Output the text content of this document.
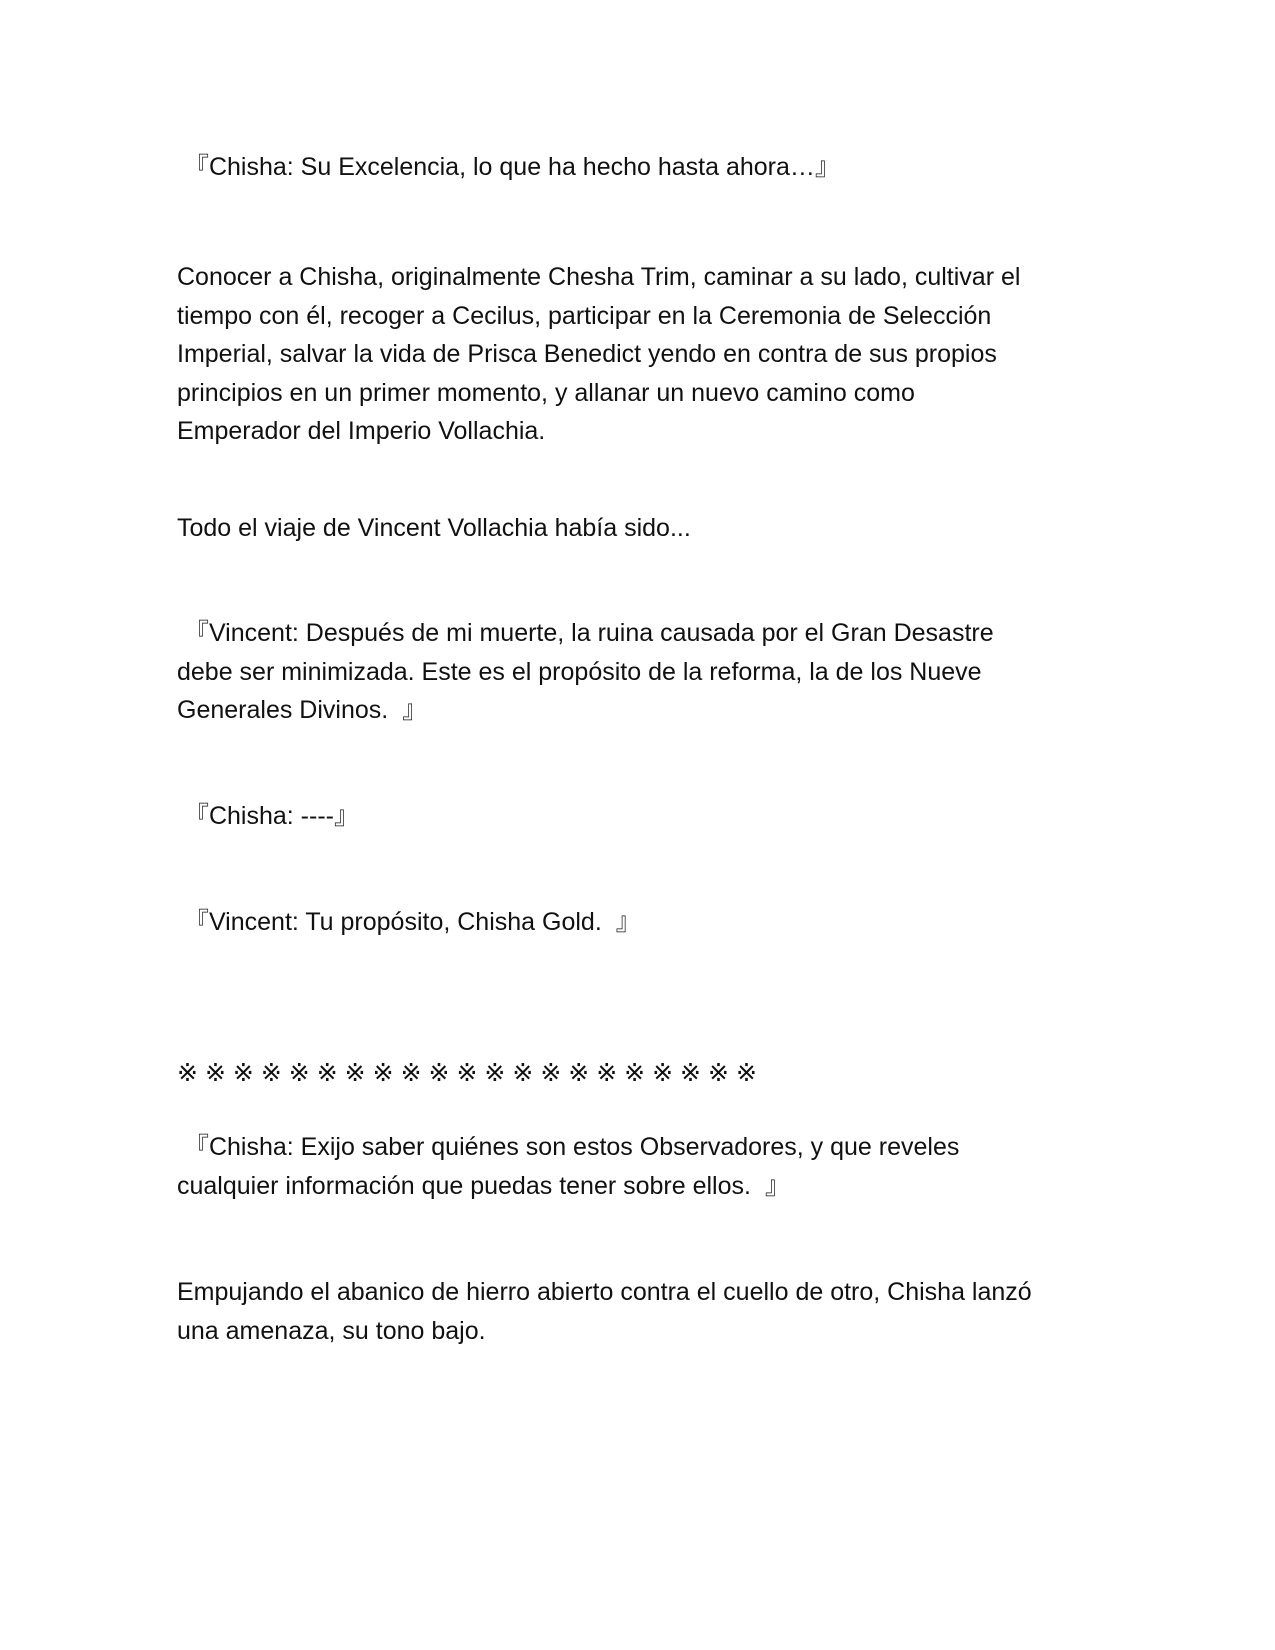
『Chisha: Su Excelencia, lo que ha hecho hasta ahora…』

Conocer a Chisha, originalmente Chesha Trim, caminar a su lado, cultivar el
tiempo con él, recoger a Cecilus, participar en la Ceremonia de Selección
Imperial, salvar la vida de Prisca Benedict yendo en contra de sus propios
principios en un primer momento, y allanar un nuevo camino como
Emperador del Imperio Vollachia.

Todo el viaje de Vincent Vollachia había sido...

『Vincent: Después de mi muerte, la ruina causada por el Gran Desastre
debe ser minimizada. Este es el propósito de la reforma, la de los Nueve
Generales Divinos.  』

『Chisha: ----』

『Vincent: Tu propósito, Chisha Gold.  』

※※※※※※※※※※※※※※※※※※※※※

『Chisha: Exijo saber quiénes son estos Observadores, y que reveles
cualquier información que puedas tener sobre ellos.  』

Empujando el abanico de hierro abierto contra el cuello de otro, Chisha lanzó
una amenaza, su tono bajo.
